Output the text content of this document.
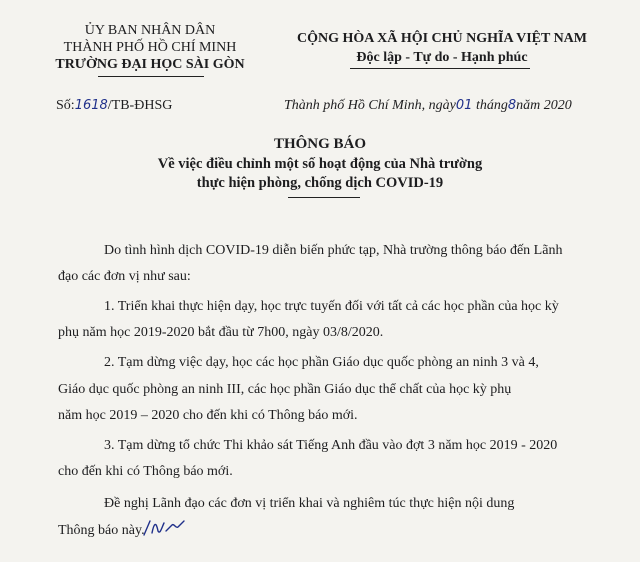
ỦY BAN NHÂN DÂN
THÀNH PHỐ HỒ CHÍ MINH
TRƯỜNG ĐẠI HỌC SÀI GÒN
CỘNG HÒA XÃ HỘI CHỦ NGHĨA VIỆT NAM
Độc lập - Tự do - Hạnh phúc
Số:1618/TB-ĐHSG	Thành phố Hồ Chí Minh, ngày01 tháng8năm 2020
THÔNG BÁO
Về việc điều chỉnh một số hoạt động của Nhà trường
thực hiện phòng, chống dịch COVID-19
Do tình hình dịch COVID-19 diễn biến phức tạp, Nhà trường thông báo đến Lãnh
đạo các đơn vị như sau:
1. Triển khai thực hiện dạy, học trực tuyến đối với tất cả các học phần của học kỳ
phụ năm học 2019-2020 bắt đầu từ 7h00, ngày 03/8/2020.
2. Tạm dừng việc dạy, học các học phần Giáo dục quốc phòng an ninh 3 và 4,
Giáo dục quốc phòng an ninh III, các học phần Giáo dục thể chất của học kỳ phụ
năm học 2019 – 2020 cho đến khi có Thông báo mới.
3. Tạm dừng tổ chức Thi khảo sát Tiếng Anh đầu vào đợt 3 năm học 2019 - 2020
cho đến khi có Thông báo mới.
Đề nghị Lãnh đạo các đơn vị triển khai và nghiêm túc thực hiện nội dung
Thông báo này.
